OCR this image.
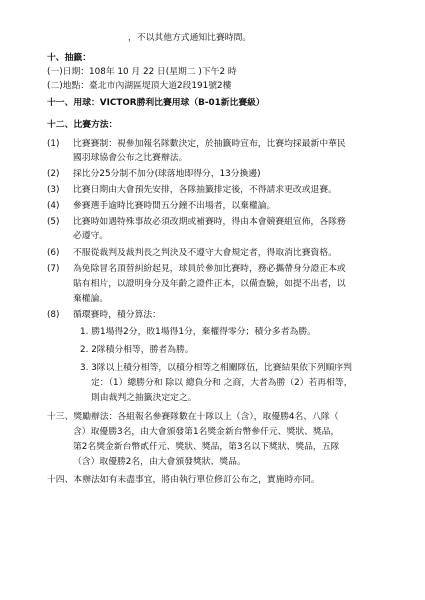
，不以其他方式通知比賽時間。
十、抽籤：
(一)日期：108年 10 月 22 日(星期二 )下午2 時
(二)地點：臺北市內湖區堤頂大道2段191號2樓
十一、用球：VICTOR勝利比賽用球（B-01新比賽級）
十二、比賽方法：
(1) 比賽賽制：視參加報名隊數決定，於抽籤時宣布，比賽均採最新中華民
國羽球協會公布之比賽辦法。
(2) 採比分25分制不加分(球落地即得分，13分換邊)
(3) 比賽日期由大會預先安排，各隊抽籤排定後，不得請求更改或退賽。
(4) 參賽選手逾時比賽時間五分鐘不出場者，以棄權論。
(5) 比賽時如遇特殊事故必須改期或補賽時，得由本會競賽組宣佈，各隊務
必遵守。
(6) 不服從裁判及裁判長之判決及不遵守大會規定者，得取消比賽資格。
(7) 為免除冒名頂替糾紛起見，球員於參加比賽時，務必攜帶身分證正本或
貼有相片，以證明身分及年齡之證件正本，以備查驗，如提不出者，以
棄權論。
(8) 循環賽時，積分算法：
1. 勝1場得2分，敗1場得1分，棄權得零分；積分多者為勝。
2. 2隊積分相等，勝者為勝。
3. 3隊以上積分相等，以積分相等之相關隊伍，比賽結果依下列順序判
定：（1）總勝分和 除以 總負分和 之商，大者為勝（2）若再相等，
則由裁判之抽籤決定定之。
十三、獎勵辦法：各組報名參賽隊數在十隊以上（含），取優勝4名、八隊（
含）取優勝3名，由大會頒發第1名獎金新台幣參仟元、獎狀、獎品，
第2名獎金新台幣貳仟元、獎狀、獎品，第3名以下獎狀、獎品，五隊
（含）取優勝2名，由大會頒發獎狀、獎品。
十四、本辦法如有未盡事宜，將由執行單位修訂公布之，實施時亦同。
